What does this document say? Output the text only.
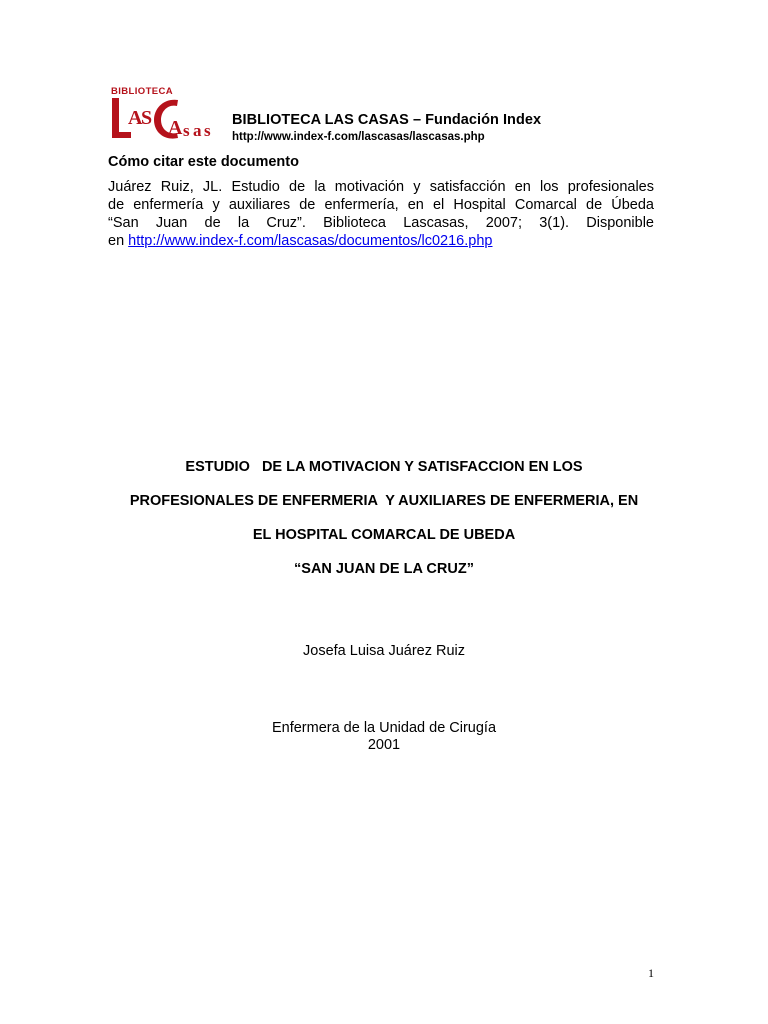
BIBLIOTECA
A
S A s a s
BIBLIOTECA LAS CASAS – Fundación Index
http://www.index-f.com/lascasas/lascasas.php
Cómo citar este documento
Juárez Ruiz, JL. Estudio de la motivación y satisfacción en los profesionales
de enfermería y auxiliares de enfermería, en el Hospital Comarcal de Úbeda
“San Juan de la Cruz”. Biblioteca Lascasas, 2007; 3(1). Disponible
en http://www.index-f.com/lascasas/documentos/lc0216.php
ESTUDIO   DE LA MOTIVACION Y SATISFACCION EN LOS
PROFESIONALES DE ENFERMERIA  Y AUXILIARES DE ENFERMERIA, EN
EL HOSPITAL COMARCAL DE UBEDA
“SAN JUAN DE LA CRUZ”
Josefa Luisa Juárez Ruiz
Enfermera de la Unidad de Cirugía
2001
1
